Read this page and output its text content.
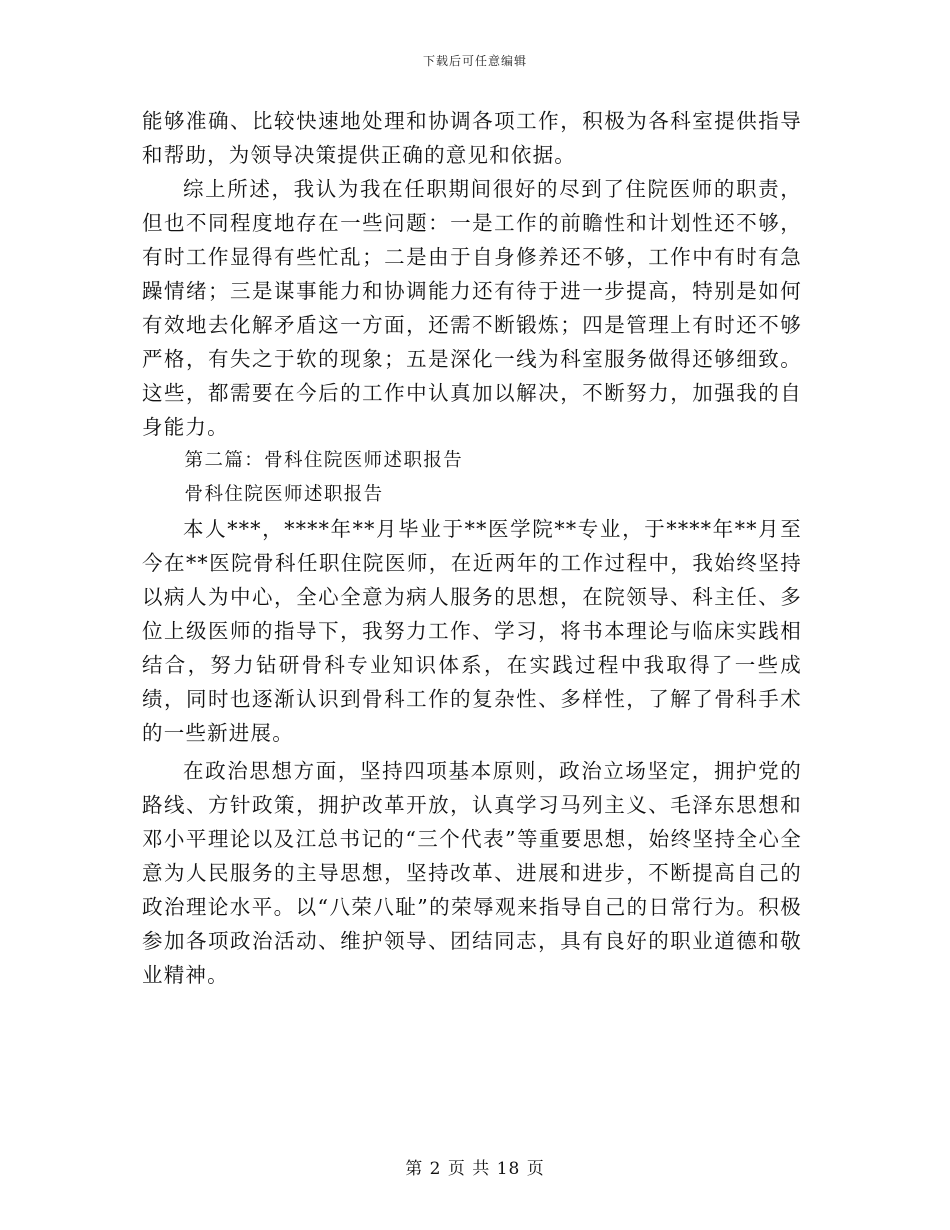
下载后可任意编辑

能够准确、比较快速地处理和协调各项工作，积极为各科室提供指导和帮助，为领导决策提供正确的意见和依据。

综上所述，我认为我在任职期间很好的尽到了住院医师的职责，但也不同程度地存在一些问题：一是工作的前瞻性和计划性还不够，有时工作显得有些忙乱；二是由于自身修养还不够，工作中有时有急躁情绪；三是谋事能力和协调能力还有待于进一步提高，特别是如何有效地去化解矛盾这一方面，还需不断锻炼；四是管理上有时还不够严格，有失之于软的现象；五是深化一线为科室服务做得还够细致。这些，都需要在今后的工作中认真加以解决，不断努力，加强我的自身能力。

第二篇：骨科住院医师述职报告

骨科住院医师述职报告

本人***，****年**月毕业于**医学院**专业，于****年**月至今在**医院骨科任职住院医师，在近两年的工作过程中，我始终坚持以病人为中心，全心全意为病人服务的思想，在院领导、科主任、多位上级医师的指导下，我努力工作、学习，将书本理论与临床实践相结合，努力钻研骨科专业知识体系，在实践过程中我取得了一些成绩，同时也逐渐认识到骨科工作的复杂性、多样性，了解了骨科手术的一些新进展。

在政治思想方面，坚持四项基本原则，政治立场坚定，拥护党的路线、方针政策，拥护改革开放，认真学习马列主义、毛泽东思想和邓小平理论以及江总书记的“三个代表”等重要思想，始终坚持全心全意为人民服务的主导思想，坚持改革、进展和进步，不断提高自己的政治理论水平。以“八荣八耻”的荣辱观来指导自己的日常行为。积极参加各项政治活动、维护领导、团结同志，具有良好的职业道德和敬业精神。

第 2 页 共 18 页
